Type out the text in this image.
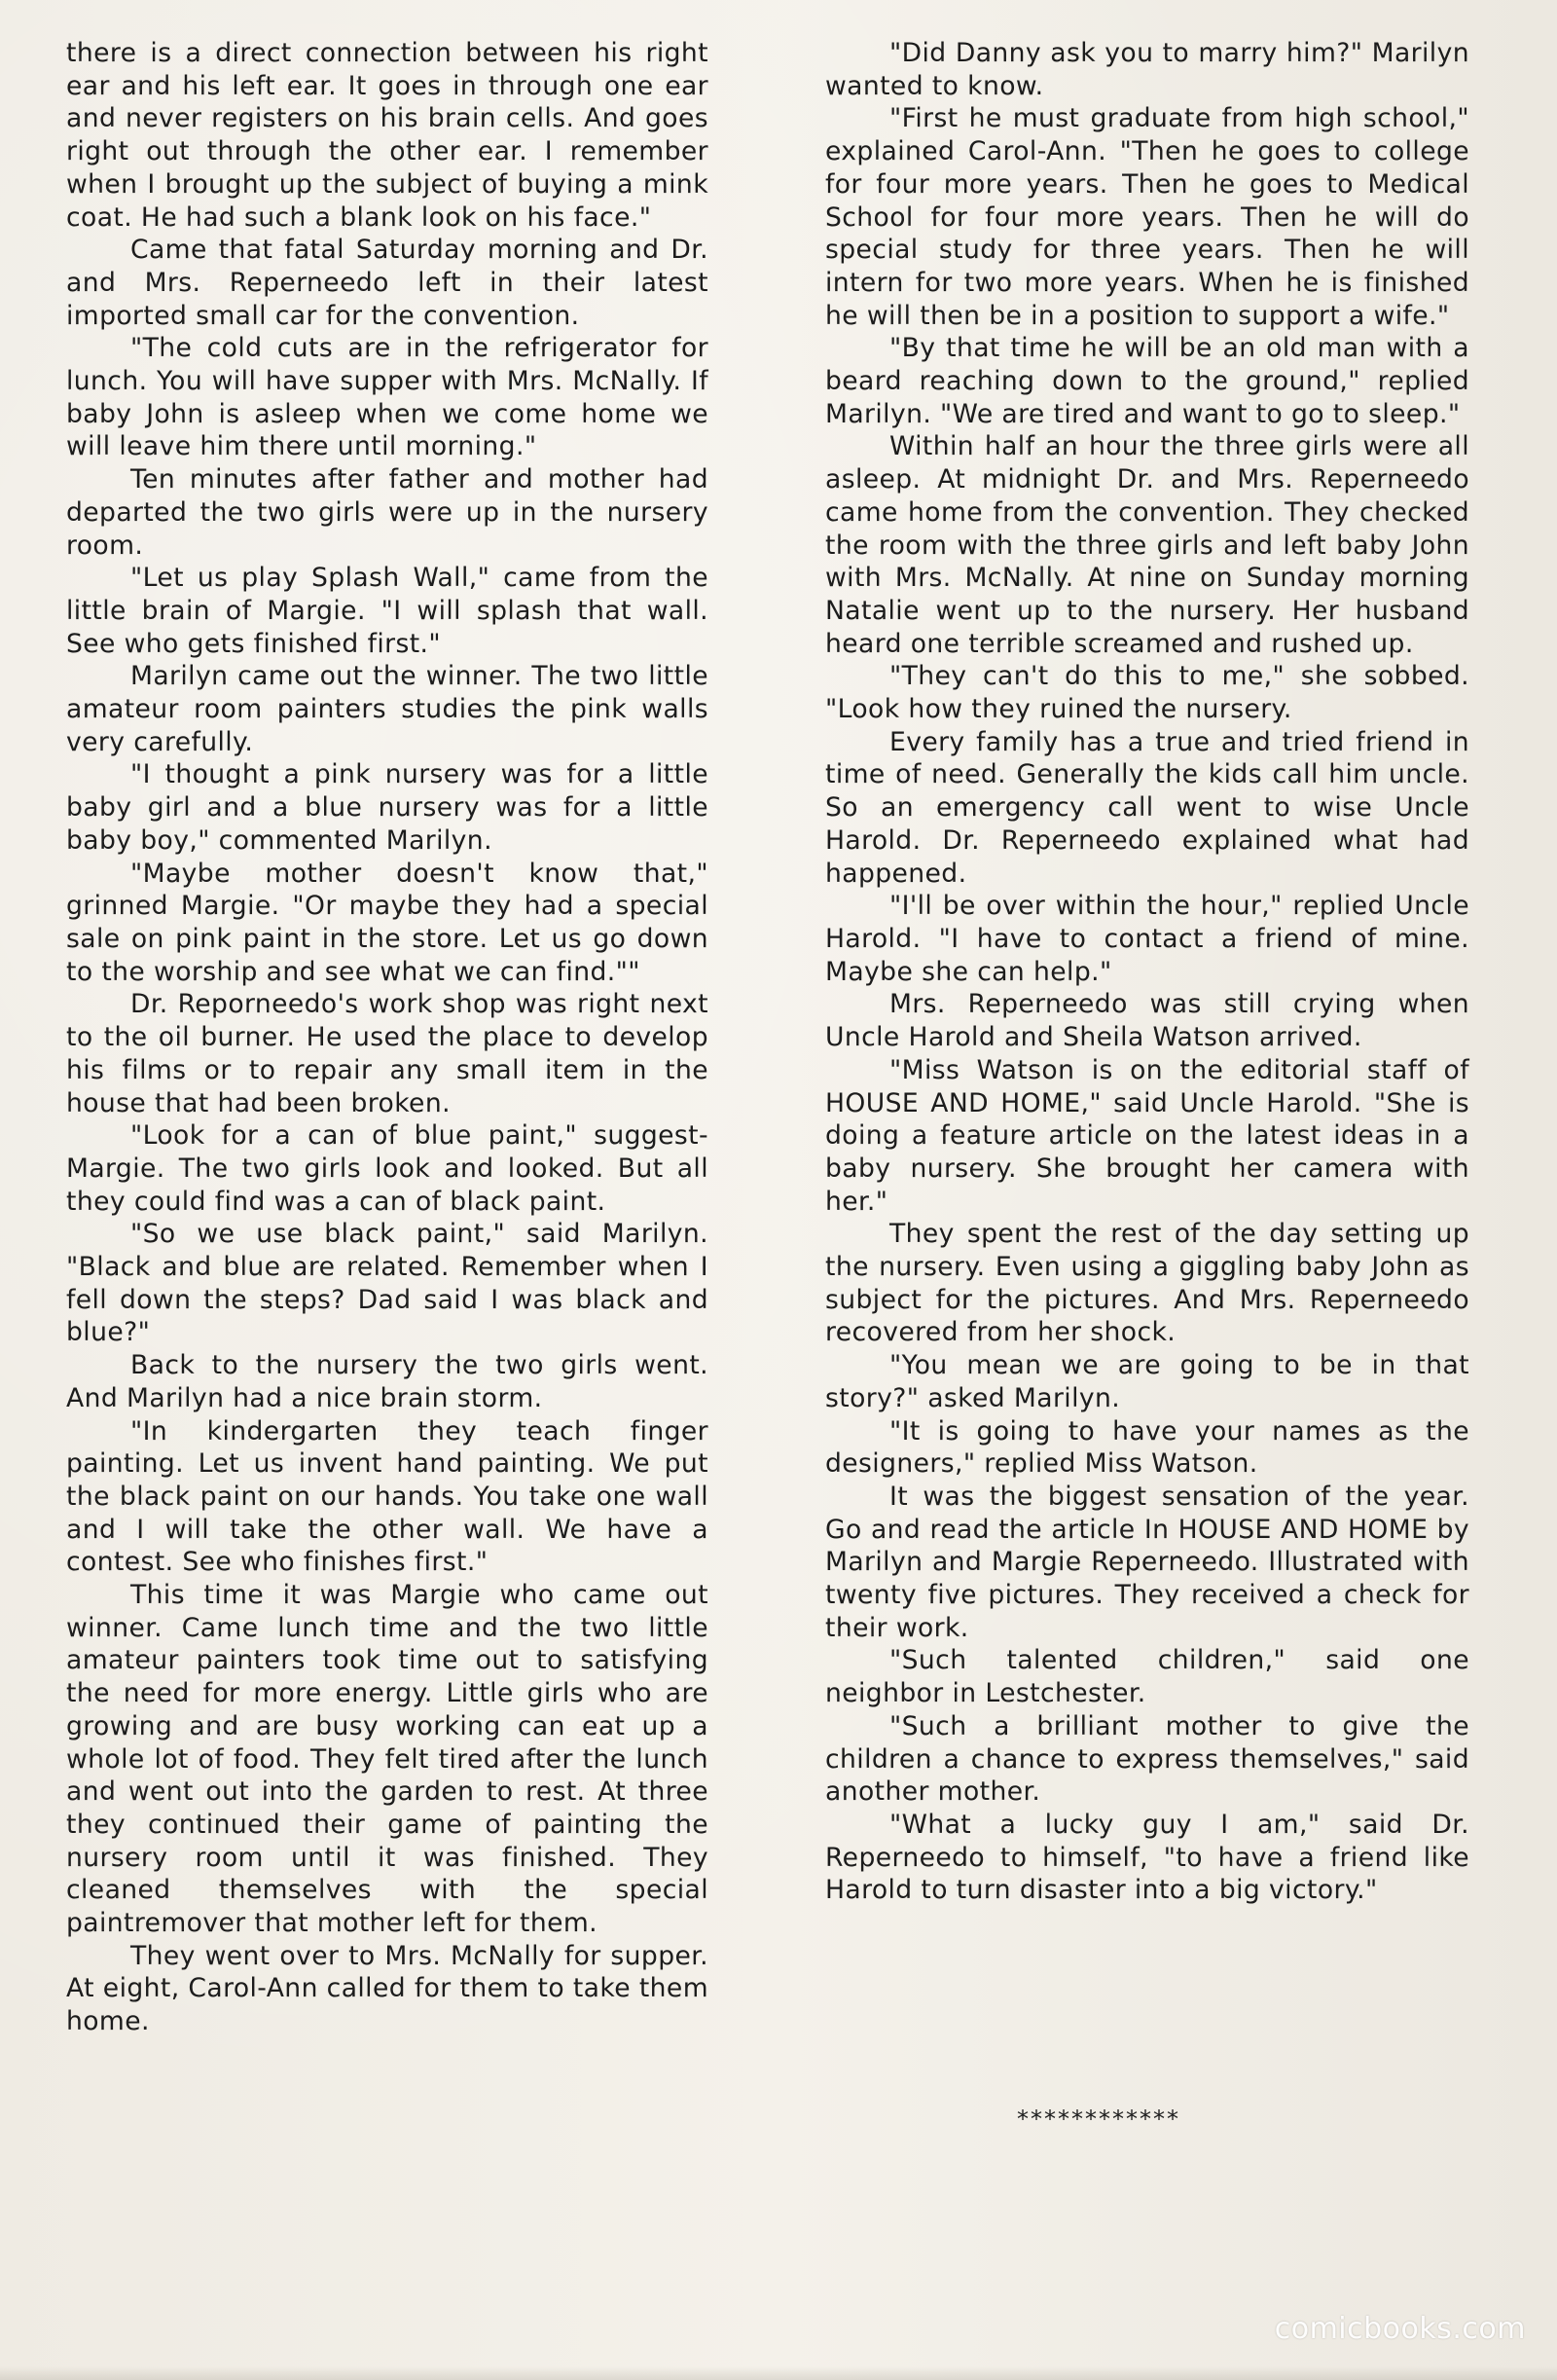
there is a direct connection between his right ear and his left ear. It goes in through one ear and never registers on his brain cells. And goes right out through the other ear. I remember when I brought up the subject of buying a mink coat. He had such a blank look on his face."

Came that fatal Saturday morning and Dr. and Mrs. Reperneedo left in their latest imported small car for the convention.

"The cold cuts are in the refrigerator for lunch. You will have supper with Mrs. McNally. If baby John is asleep when we come home we will leave him there until morning."

Ten minutes after father and mother had departed the two girls were up in the nursery room.

"Let us play Splash Wall," came from the little brain of Margie. "I will splash that wall. See who gets finished first."

Marilyn came out the winner. The two little amateur room painters studies the pink walls very carefully.

"I thought a pink nursery was for a little baby girl and a blue nursery was for a little baby boy," commented Marilyn.

"Maybe mother doesn't know that," grinned Margie. "Or maybe they had a special sale on pink paint in the store. Let us go down to the worship and see what we can find.""

Dr. Reporneedo's work shop was right next to the oil burner. He used the place to develop his films or to repair any small item in the house that had been broken.

"Look for a can of blue paint," suggest-Margie. The two girls look and looked. But all they could find was a can of black paint.

"So we use black paint," said Marilyn. "Black and blue are related. Remember when I fell down the steps? Dad said I was black and blue?"

Back to the nursery the two girls went. And Marilyn had a nice brain storm.

"In kindergarten they teach finger painting. Let us invent hand painting. We put the black paint on our hands. You take one wall and I will take the other wall. We have a contest. See who finishes first."

This time it was Margie who came out winner. Came lunch time and the two little amateur painters took time out to satisfying the need for more energy. Little girls who are growing and are busy working can eat up a whole lot of food. They felt tired after the lunch and went out into the garden to rest. At three they continued their game of painting the nursery room until it was finished. They cleaned themselves with the special paintremover that mother left for them.

They went over to Mrs. McNally for supper. At eight, Carol-Ann called for them to take them home.

"Did Danny ask you to marry him?" Marilyn wanted to know.

"First he must graduate from high school," explained Carol-Ann. "Then he goes to college for four more years. Then he goes to Medical School for four more years. Then he will do special study for three years. Then he will intern for two more years. When he is finished he will then be in a position to support a wife."

"By that time he will be an old man with a beard reaching down to the ground," replied Marilyn. "We are tired and want to go to sleep."

Within half an hour the three girls were all asleep. At midnight Dr. and Mrs. Reperneedo came home from the convention. They checked the room with the three girls and left baby John with Mrs. McNally. At nine on Sunday morning Natalie went up to the nursery. Her husband heard one terrible screamed and rushed up.

"They can't do this to me," she sobbed. "Look how they ruined the nursery.

Every family has a true and tried friend in time of need. Generally the kids call him uncle. So an emergency call went to wise Uncle Harold. Dr. Reperneedo explained what had happened.

"I'll be over within the hour," replied Uncle Harold. "I have to contact a friend of mine. Maybe she can help."

Mrs. Reperneedo was still crying when Uncle Harold and Sheila Watson arrived.

"Miss Watson is on the editorial staff of HOUSE AND HOME," said Uncle Harold. "She is doing a feature article on the latest ideas in a baby nursery. She brought her camera with her."

They spent the rest of the day setting up the nursery. Even using a giggling baby John as subject for the pictures. And Mrs. Reperneedo recovered from her shock.

"You mean we are going to be in that story?" asked Marilyn.

"It is going to have your names as the designers," replied Miss Watson.

It was the biggest sensation of the year. Go and read the article In HOUSE AND HOME by Marilyn and Margie Reperneedo. Illustrated with twenty five pictures. They received a check for their work.

"Such talented children," said one neighbor in Lestchester.

"Such a brilliant mother to give the children a chance to express themselves," said another mother.

"What a lucky guy I am," said Dr. Reperneedo to himself, "to have a friend like Harold to turn disaster into a big victory."

************
comicbooks.com
